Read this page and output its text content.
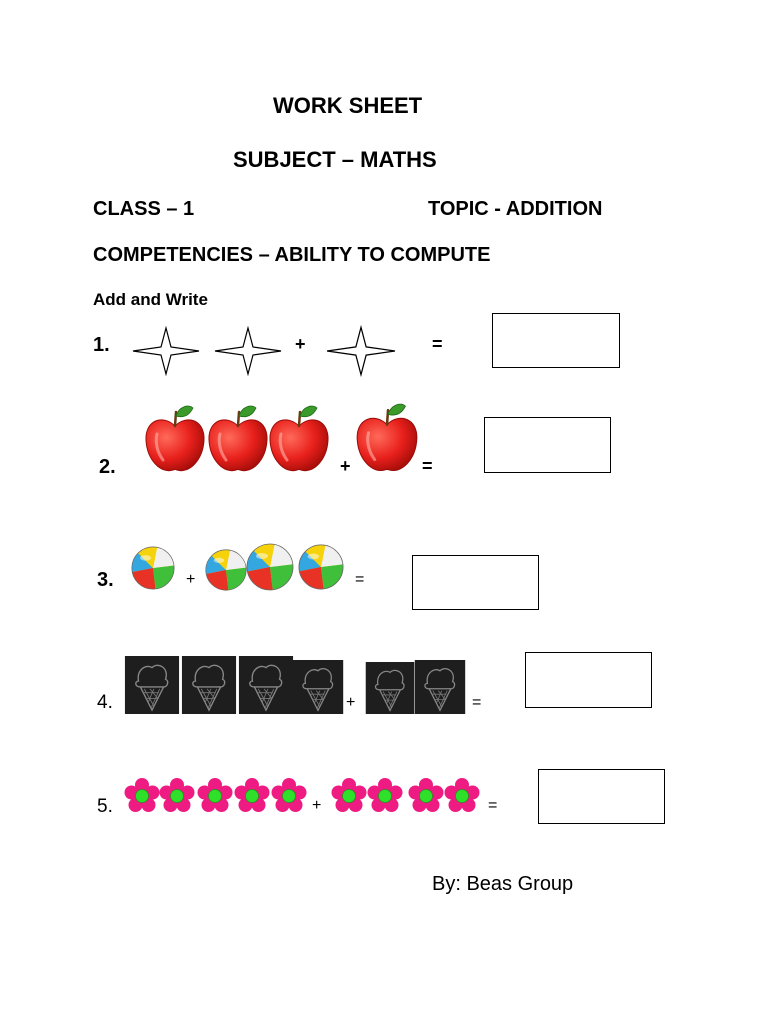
WORK SHEET
SUBJECT – MATHS
CLASS – 1	TOPIC - ADDITION
COMPETENCIES – ABILITY TO COMPUTE
Add and Write
1.	+	=
2.	+	=
3.	+	=
4.	+	=
5.	+	=
By: Beas Group
